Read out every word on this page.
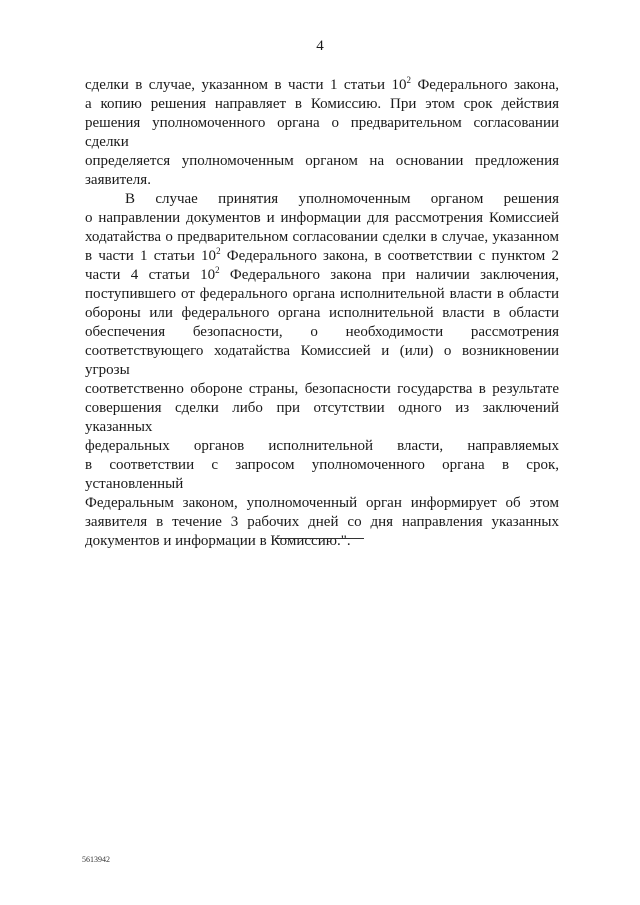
4
сделки в случае, указанном в части 1 статьи $10^2$ Федерального закона,
а копию решения направляет в Комиссию. При этом срок действия
решения уполномоченного органа о предварительном согласовании сделки
определяется уполномоченным органом на основании предложения
заявителя.
В случае принятия уполномоченным органом решения
о направлении документов и информации для рассмотрения Комиссией
ходатайства о предварительном согласовании сделки в случае, указанном
в части 1 статьи $10^2$ Федерального закона, в соответствии с пунктом 2
части 4 статьи $10^2$ Федерального закона при наличии заключения,
поступившего от федерального органа исполнительной власти в области
обороны или федерального органа исполнительной власти в области
обеспечения безопасности, о необходимости рассмотрения
соответствующего ходатайства Комиссией и (или) о возникновении угрозы
соответственно обороне страны, безопасности государства в результате
совершения сделки либо при отсутствии одного из заключений указанных
федеральных органов исполнительной власти, направляемых
в соответствии с запросом уполномоченного органа в срок, установленный
Федеральным законом, уполномоченный орган информирует об этом
заявителя в течение 3 рабочих дней со дня направления указанных
документов и информации в Комиссию.".
5613942
